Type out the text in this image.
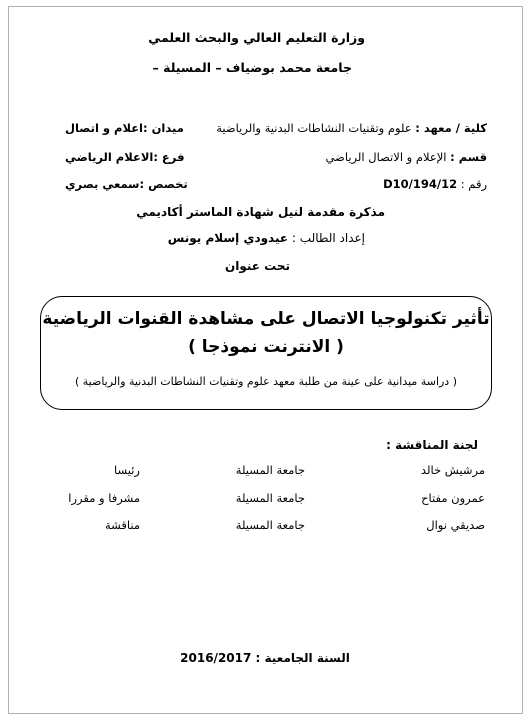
وزارة التعليم العالي والبحث العلمي
جامعة محمد بوضياف – المسيلة –
كلية / معهد : علوم وتقنيات النشاطات البدنية والرياضية
ميدان :اعلام و اتصال
قسم : الإعلام و الاتصال الرياضي
فرع :الاعلام الرياضي
رقم : 12/D10/194
تخصص :سمعي بصري
مذكرة مقدمة لنيل شهادة الماستر أكاديمي
إعداد الطالب : عيدودي إسلام يونس
تحت عنوان
تأثير تكنولوجيا الاتصال على مشاهدة القنوات الرياضية
( الانترنت نموذجا )
( دراسة ميدانية على عينة من طلبة معهد علوم وتقنيات النشاطات البدنية والرياضية )
لجنة المناقشة :
مرشيش خالد
جامعة المسيلة
رئيسا
عمرون مفتاح
جامعة المسيلة
مشرفا و مقررا
صديقي نوال
جامعة المسيلة
مناقشة
السنة الجامعية : 2016/2017
